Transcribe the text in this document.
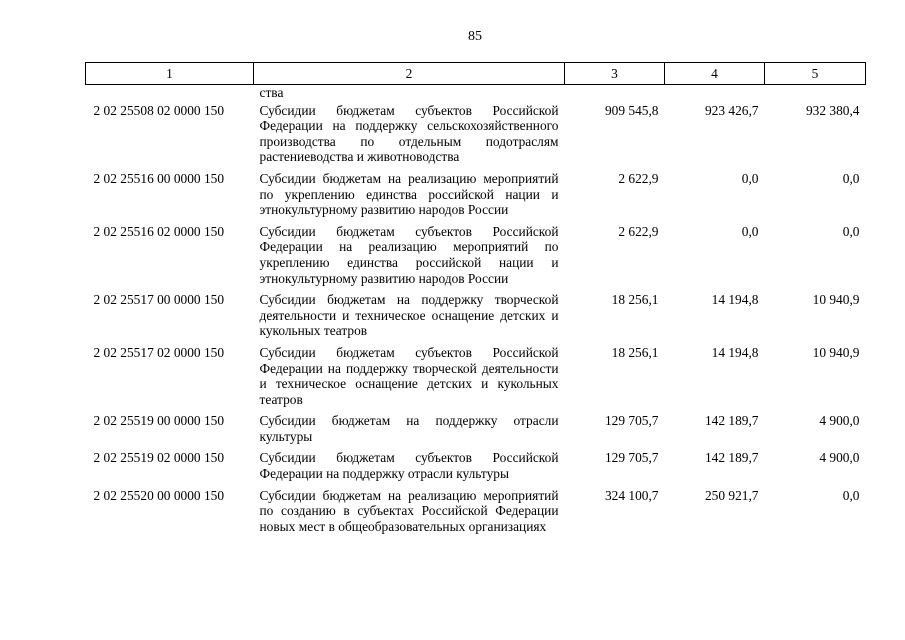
85
1	2	3	4	5
	ства			
2 02 25508 02 0000 150	Субсидии бюджетам субъектов Российской Федерации на поддержку сельскохозяйственного производства по отдельным подотраслям растениеводства и животноводства	909 545,8	923 426,7	932 380,4
2 02 25516 00 0000 150	Субсидии бюджетам на реализацию мероприятий по укреплению единства российской нации и этнокультурному развитию народов России	2 622,9	0,0	0,0
2 02 25516 02 0000 150	Субсидии бюджетам субъектов Российской Федерации на реализацию мероприятий по укреплению единства российской нации и этнокультурному развитию народов России	2 622,9	0,0	0,0
2 02 25517 00 0000 150	Субсидии бюджетам на поддержку творческой деятельности и техническое оснащение детских и кукольных театров	18 256,1	14 194,8	10 940,9
2 02 25517 02 0000 150	Субсидии бюджетам субъектов Российской Федерации на поддержку творческой деятельности и техническое оснащение детских и кукольных театров	18 256,1	14 194,8	10 940,9
2 02 25519 00 0000 150	Субсидии бюджетам на поддержку отрасли культуры	129 705,7	142 189,7	4 900,0
2 02 25519 02 0000 150	Субсидии бюджетам субъектов Российской Федерации на поддержку отрасли культуры	129 705,7	142 189,7	4 900,0
2 02 25520 00 0000 150	Субсидии бюджетам на реализацию мероприятий по созданию в субъектах Российской Федерации новых мест в общеобразовательных организациях	324 100,7	250 921,7	0,0
